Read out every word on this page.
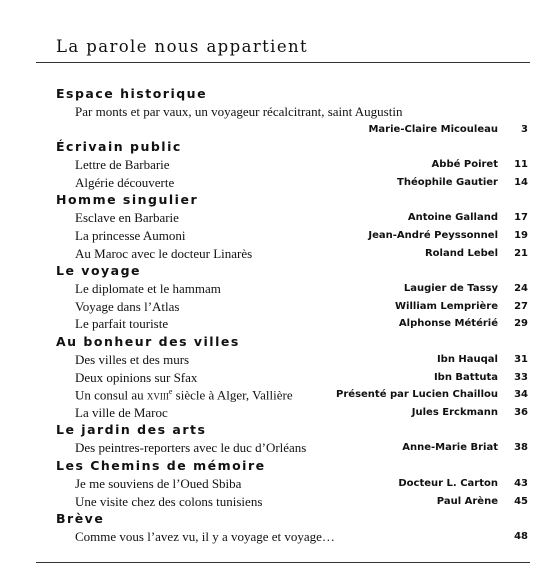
La parole nous appartient
Espace historique
Par monts et par vaux, un voyageur récalcitrant, saint Augustin
Marie-Claire Micouleau	3
Écrivain public
Lettre de Barbarie	Abbé Poiret	11
Algérie découverte	Théophile Gautier	14
Homme singulier
Esclave en Barbarie	Antoine Galland	17
La princesse Aumoni	Jean-André Peyssonnel	19
Au Maroc avec le docteur Linarès	Roland Lebel	21
Le voyage
Le diplomate et le hammam	Laugier de Tassy	24
Voyage dans l’Atlas	William Lemprière	27
Le parfait touriste	Alphonse Métérié	29
Au bonheur des villes
Des villes et des murs	Ibn Hauqal	31
Deux opinions sur Sfax	Ibn Battuta	33
Un consul au xviii$^e$ siècle à Alger, Vallière	Présenté par Lucien Chaillou	34
La ville de Maroc	Jules Erckmann	36
Le jardin des arts
Des peintres-reporters avec le duc d’Orléans	Anne-Marie Briat	38
Les Chemins de mémoire
Je me souviens de l’Oued Sbiba	Docteur L. Carton	43
Une visite chez des colons tunisiens	Paul Arène	45
Brève
Comme vous l’avez vu, il y a voyage et voyage…	48
